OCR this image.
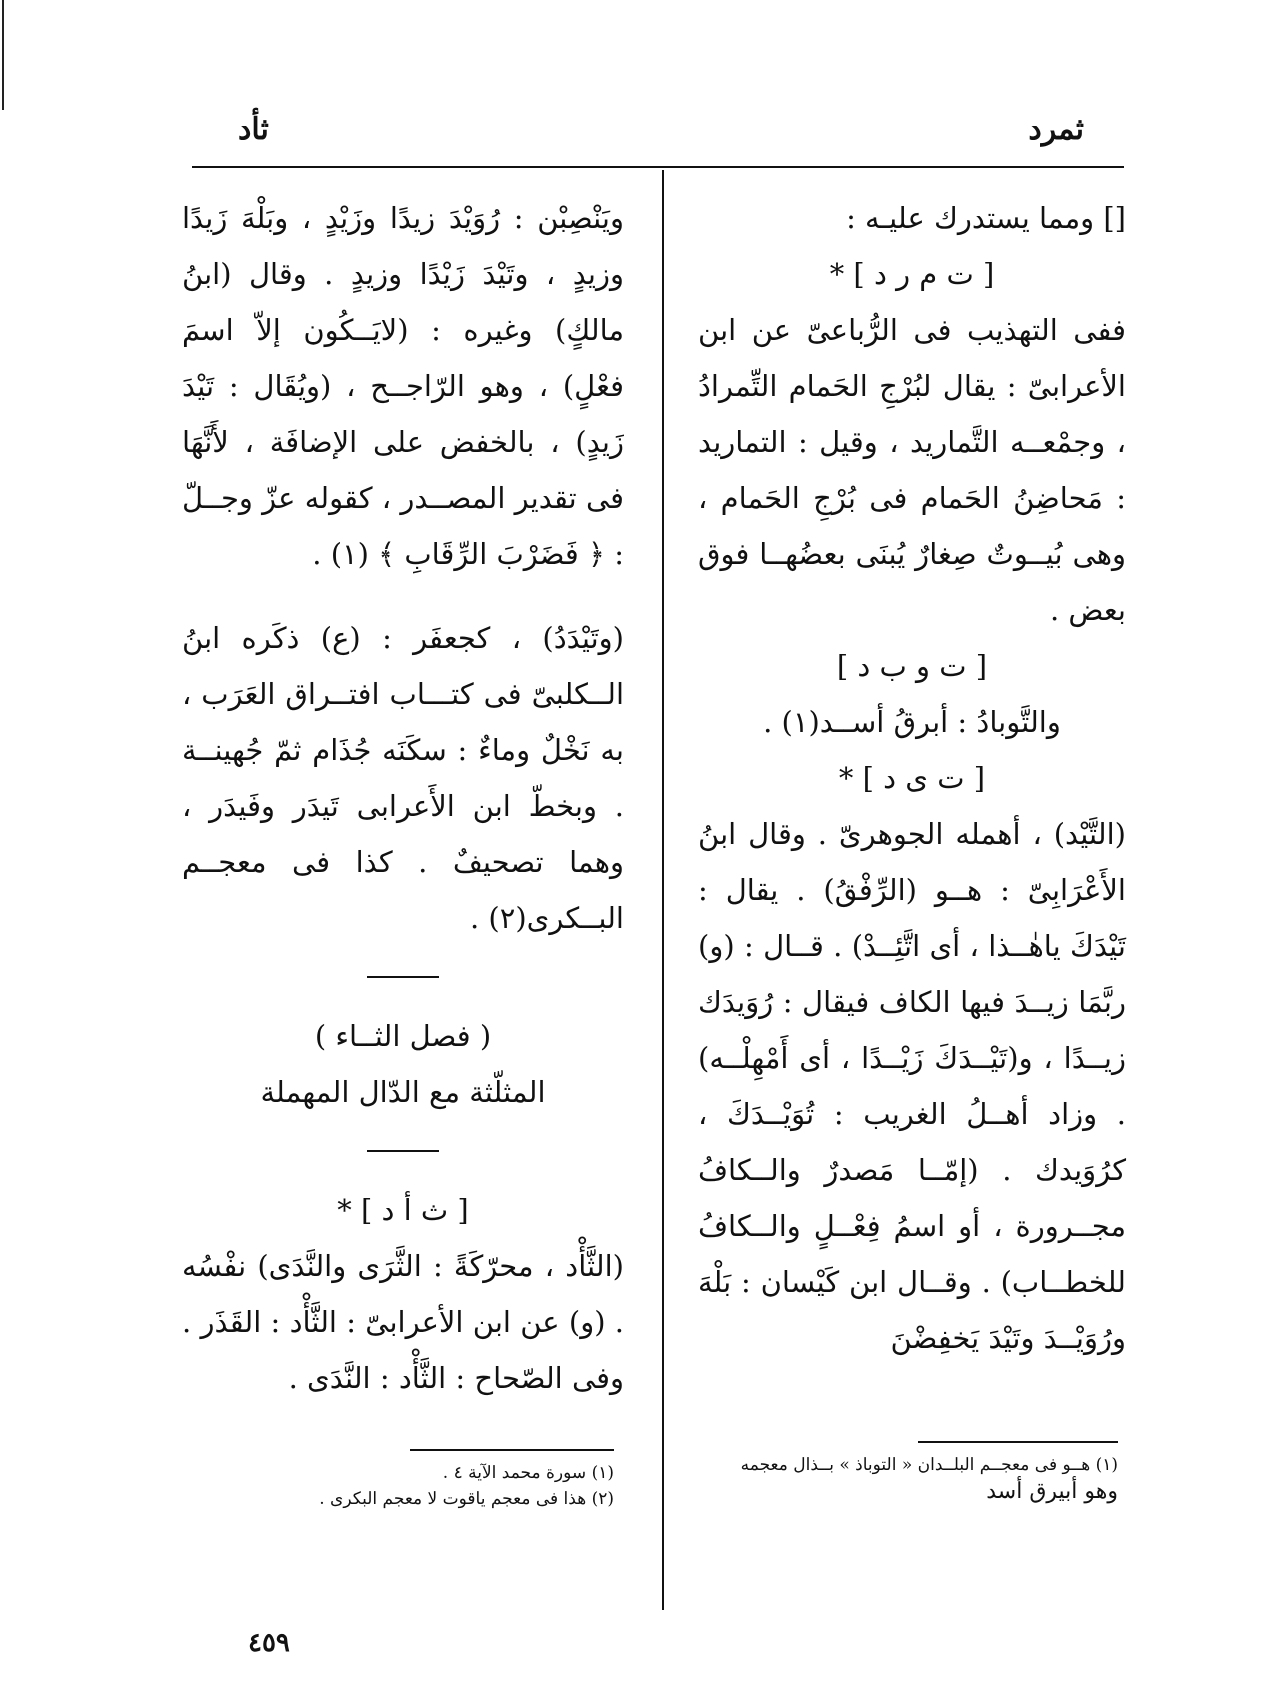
ثمرد
ثأد

[] ومما يستدرك عليـه :

[ ت م ر د ] *

ففى التهذيب فى الرُّباعىّ عن ابن الأعرابىّ : يقال لبُرْجِ الحَمام التِّمرادُ ، وجمْعــه التَّماريد ، وقيل : التماريد : مَحاضِنُ الحَمام فى بُرْجِ الحَمام ، وهى بُيــوتٌ صِغارٌ يُبنَى بعضُهــا فوق بعض .

[ ت و ب د ]

والتَّوبادُ : أبرقُ أســد(١) .

[ ت ى د ] *

(التَّيْد) ، أهمله الجوهرىّ . وقال ابنُ الأَعْرَابِىّ : هــو (الرِّفْقُ) . يقال : تَيْدَكَ ياهٰــذا ، أى اتَّئِــدْ) . قــال : (و) ربَّمَا زيــدَ فيها الكاف فيقال : رُوَيدَك زيــدًا ، و(تَيْــدَكَ زَيْــدًا ، أى أَمْهِلْــه) . وزاد أهــلُ الغريب : تُوَيْــدَكَ ، كرُوَيدك . (إمّــا مَصدرٌ والــكافُ مجــرورة ، أو اسمُ فِعْــلٍ والــكافُ للخطــاب) . وقــال ابن كَيْسان : بَلْهَ ورُوَيْــدَ وتَيْدَ يَخفِضْنَ

ويَنْصِبْن : رُوَيْدَ زيدًا وزَيْدٍ ، وبَلْهَ زَيدًا وزيدٍ ، وتَيْدَ زَيْدًا وزيدٍ . وقال (ابنُ مالكٍ) وغيره : (لايَــكُون إلاّ اسمَ فعْلٍ) ، وهو الرّاجــح ، (ويُقَال : تَيْدَ زَيدٍ) ، بالخفض على الإضافَة ، لأَنَّهَا فى تقدير المصــدر ، كقوله عزّ وجــلّ : ﴿ فَضَرْبَ الرِّقَابِ ﴾ (١) .

(وتَيْدَدُ) ، كجعفَر : (ع) ذكَره ابنُ الــكلبىّ فى كتـــاب افتــراق العَرَب ، به نَخْلٌ وماءٌ : سكَنَه جُذَام ثمّ جُهينــة . وبخطّ ابن الأَعرابى تَيدَر وفَيدَر ، وهما تصحيفٌ . كذا فى معجــم البــكرى(٢) .

( فصل الثــاء )

المثلّثة مع الدّال المهملة

[ ث أ د ] *

(الثَّأْد ، محرّكَةً : الثَّرَى والنَّدَى) نفْسُه . (و) عن ابن الأعرابىّ : الثَّأْد : القَذَر . وفى الصّحاح : الثَّأْد : النَّدَى .

(١) هــو فى معجــم البلــدان « التوباذ » بــذال معجمه

وهو أبيرق أسد

(١) سورة محمد الآية ٤ .

(٢) هذا فى معجم ياقوت لا معجم البكرى .

٤٥٩
